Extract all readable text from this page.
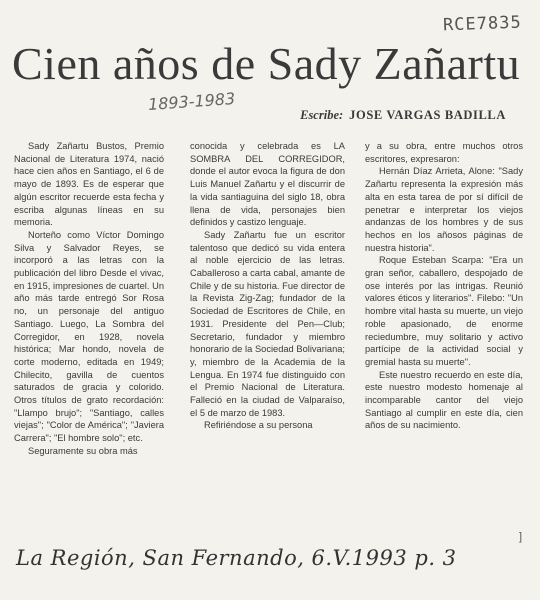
RCE7835
Cien años de Sady Zañartu
1893-1983
Escribe: JOSE VARGAS BADILLA

Sady Zañartu Bustos, Premio Nacional de Literatura 1974, nació hace cien años en Santiago, el 6 de mayo de 1893. Es de esperar que algún escritor recuerde esta fecha y escriba algunas líneas en su memoria.

Norteño como Víctor Domingo Silva y Salvador Reyes, se incorporó a las letras con la publicación del libro Desde el vivac, en 1915, impresiones de cuartel. Un año más tarde entregó Sor Rosa no, un personaje del antiguo Santiago. Luego, La Sombra del Corregidor, en 1928, novela histórica; Mar hondo, novela de corte moderno, editada en 1949; Chilecito, gavilla de cuentos saturados de gracia y colorido. Otros títulos de grato recordación: "Llampo brujo"; "Santiago, calles viejas"; "Color de América"; "Javiera Carrera"; "El hombre solo"; etc.

Seguramente su obra más

conocida y celebrada es LA SOMBRA DEL CORREGIDOR, donde el autor evoca la figura de don Luis Manuel Zañartu y el discurrir de la vida santiaguina del siglo 18, obra llena de vida, personajes bien definidos y castizo lenguaje.

Sady Zañartu fue un escritor talentoso que dedicó su vida entera al noble ejercicio de las letras. Caballeroso a carta cabal, amante de Chile y de su historia. Fue director de la Revista Zig-Zag; fundador de la Sociedad de Escritores de Chile, en 1931. Presidente del Pen—Club; Secretario, fundador y miembro honorario de la Sociedad Bolivariana; y, miembro de la Academia de la Lengua. En 1974 fue distinguido con el Premio Nacional de Literatura. Falleció en la ciudad de Valparaíso, el 5 de marzo de 1983.

Refiriéndose a su persona

y a su obra, entre muchos otros escritores, expresaron:

Hernán Díaz Arrieta, Alone: "Sady Zañartu representa la expresión más alta en esta tarea de por sí difícil de penetrar e interpretar los viejos andanzas de los hombres y de sus hechos en los añosos páginas de nuestra historia".

Roque Esteban Scarpa: "Era un gran señor, caballero, despojado de ose interés por las intrigas. Reunió valores éticos y literarios". Filebo: "Un hombre vital hasta su muerte, un viejo roble apasionado, de enorme reciedumbre, muy solitario y activo partícipe de la actividad social y gremial hasta su muerte".

Este nuestro recuerdo en este día, este nuestro modesto homenaje al incomparable cantor del viejo Santiago al cumplir en este día, cien años de su nacimiento.

]
La Región, San Fernando, 6.V.1993 p. 3
